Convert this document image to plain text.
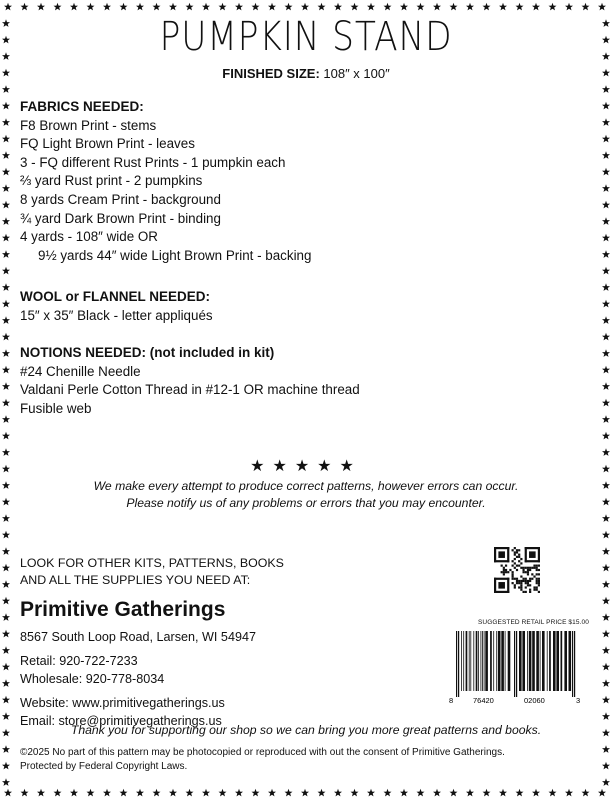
PUMPKIN STAND
FINISHED SIZE: 108″ x 100″
FABRICS NEEDED:
F8 Brown Print - stems
FQ Light Brown Print - leaves
3 - FQ different Rust Prints - 1 pumpkin each
⅔ yard Rust print - 2 pumpkins
8 yards Cream Print - background
¾ yard Dark Brown Print - binding
4 yards - 108″ wide OR
9½ yards 44″ wide Light Brown Print - backing
WOOL or FLANNEL NEEDED:
15″ x 35″ Black - letter appliqués
NOTIONS NEEDED: (not included in kit)
#24 Chenille Needle
Valdani Perle Cotton Thread in #12-1 OR machine thread
Fusible web
★★★★★
We make every attempt to produce correct patterns, however errors can occur.
Please notify us of any problems or errors that you may encounter.
LOOK FOR OTHER KITS, PATTERNS, BOOKS
AND ALL THE SUPPLIES YOU NEED AT:
Primitive Gatherings
8567 South Loop Road, Larsen, WI 54947
Retail: 920-722-7233
Wholesale: 920-778-8034
Website: www.primitivegatherings.us
Email: store@primitivegatherings.us
SUGGESTED RETAIL PRICE $15.00
8	76420	02060	3
Thank you for supporting our shop so we can bring you more great patterns and books.
©2025 No part of this pattern may be photocopied or reproduced with out the consent of Primitive Gatherings.
Protected by Federal Copyright Laws.
